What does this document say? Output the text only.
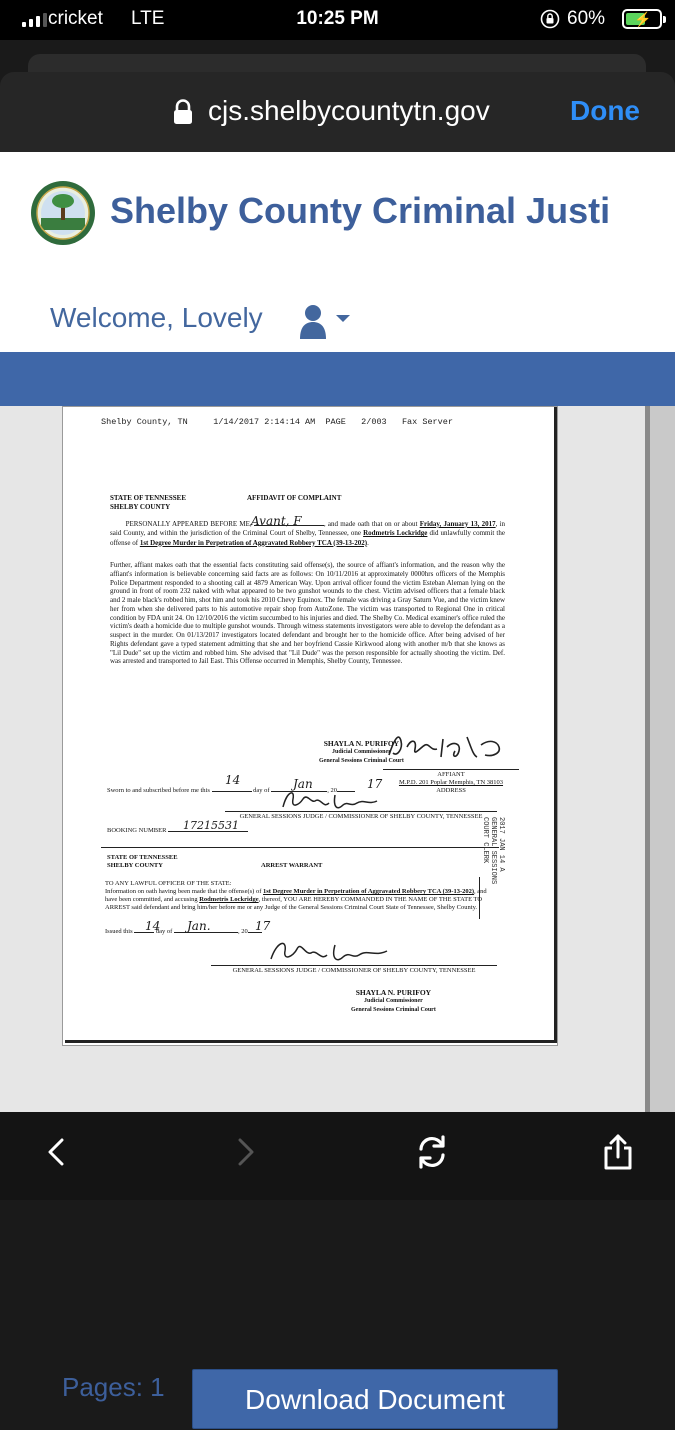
cricket LTE	10:25 PM	60% ⚡
cjs.shelbycountytn.gov	Done
Shelby County Criminal Justi
Welcome, Lovely
Shelby County, TN     1/14/2017 2:14:14 AM  PAGE   2/003   Fax Server
STATE OF TENNESSEE
SHELBY COUNTY
AFFIDAVIT OF COMPLAINT
PERSONALLY APPEARED BEFORE ME,	, and made oath that on or about Friday, January 13, 2017, in said County, and within the jurisdiction of the Criminal Court of Shelby, Tennessee, one Rodmetris Lockridge did unlawfully commit the offense of 1st Degree Murder in Perpetration of Aggravated Robbery TCA (39-13-202).
Avant, F
Further, affiant makes oath that the essential facts constituting said offense(s), the source of affiant's information, and the reason why the affiant's information is believable concerning said facts are as follows: On 10/11/2016 at approximately 0000hrs officers of the Memphis Police Department responded to a shooting call at 4879 American Way. Upon arrival officer found the victim Esteban Aleman lying on the ground in front of room 232 naked with what appeared to be two gunshot wounds to the chest. Victim advised officers that a female black and 2 male black's robbed him, shot him and took his 2010 Chevy Equinox. The female was driving a Gray Saturn Vue, and the victim knew her from when she delivered parts to his automotive repair shop from AutoZone. The victim was transported to Regional One in critical condition by FDA unit 24. On 12/10/2016 the victim succumbed to his injuries and died. The Shelby Co. Medical examiner's office ruled the victim's death a homicide due to multiple gunshot wounds. Through witness statements investigators were able to develop the defendant as a suspect in the murder. On 01/13/2017 investigators located defendant and brought her to the homicide office. After being advised of her Rights defendant gave a typed statement admitting that she and her boyfriend Cassie Kirkwood along with another m/b that she knows as "Lil Dude" set up the victim and robbed him. She advised that "Lil Dude" was the person responsible for actually shooting the victim. Def. was arrested and transported to Jail East. This Offense occurred in Memphis, Shelby County, Tennessee.
SHAYLA N. PURIFOY
Judicial Commissioner
General Sessions Criminal Court
AFFIANT
M.P.D. 201 Poplar Memphis, TN 38103
ADDRESS
Sworn to and subscribed before me this	day of	, 20
14	Jan	17
GENERAL SESSIONS JUDGE / COMMISSIONER OF SHELBY COUNTY, TENNESSEE
BOOKING NUMBER	17215531	2017 JAN 14 A GENERAL SESSIONS COURT CLERK
STATE OF TENNESSEE
SHELBY COUNTY	ARREST WARRANT
TO ANY LAWFUL OFFICER OF THE STATE:
Information on oath having been made that the offense(s) of 1st Degree Murder in Perpetration of Aggravated Robbery TCA (39-13-202), and have been committed, and accusing Rodmetris Lockridge, thereof, YOU ARE HEREBY COMMANDED IN THE NAME OF THE STATE TO ARREST said defendant and bring him/her before me or any Judge of the General Sessions Criminal Court State of Tennessee, Shelby County.
Issued this	day of	, 20
14 Jan.	17
GENERAL SESSIONS JUDGE / COMMISSIONER OF SHELBY COUNTY, TENNESSEE
SHAYLA N. PURIFOY
Judicial Commissioner
General Sessions Criminal Court
Pages: 1	Download Document
